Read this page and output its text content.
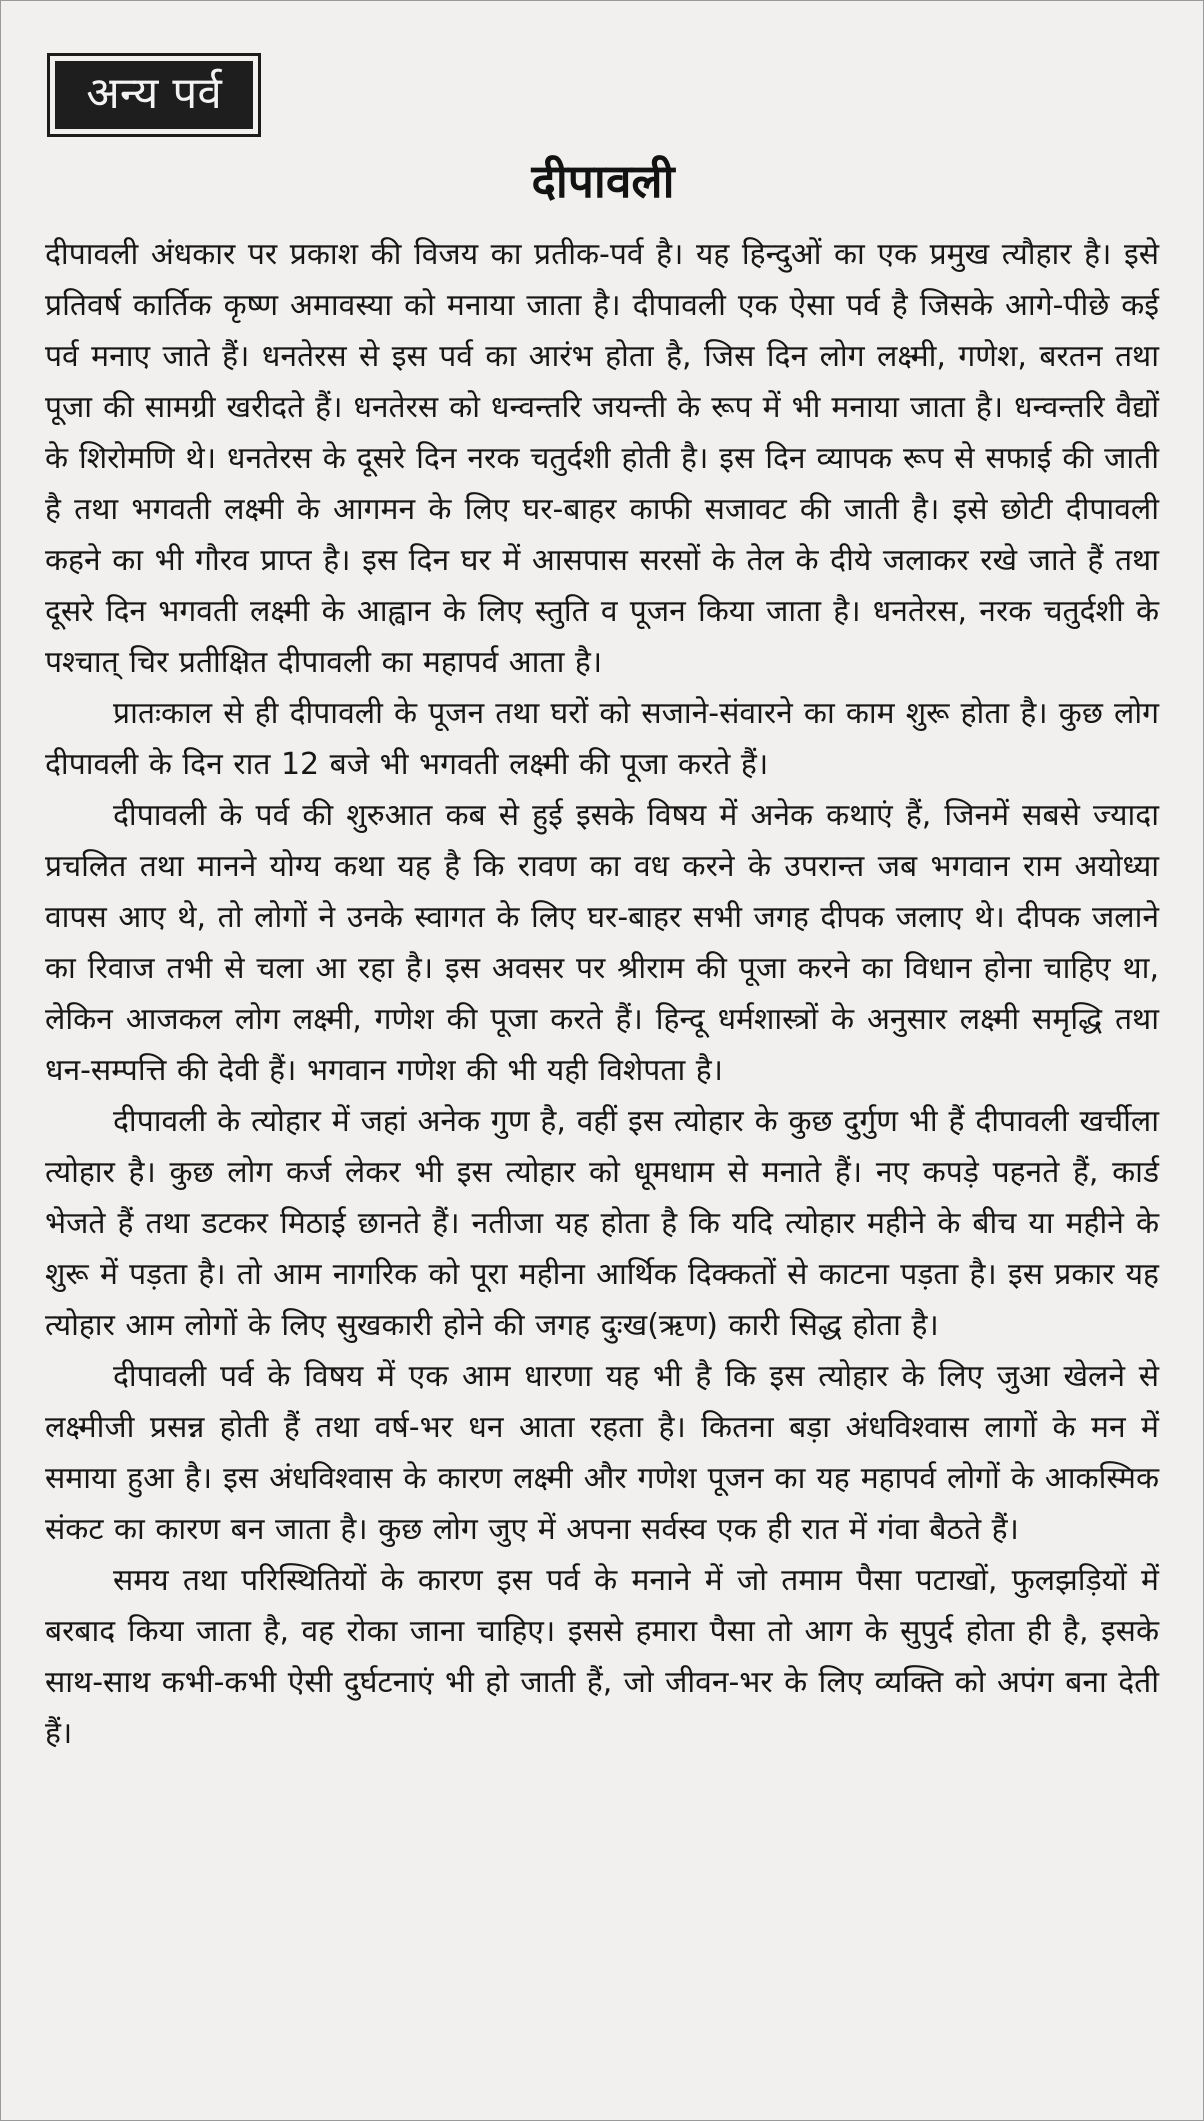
अन्य पर्व
दीपावली

दीपावली अंधकार पर प्रकाश की विजय का प्रतीक-पर्व है। यह हिन्दुओं का एक प्रमुख त्यौहार है। इसे प्रतिवर्ष कार्तिक कृष्ण अमावस्या को मनाया जाता है। दीपावली एक ऐसा पर्व है जिसके आगे-पीछे कई पर्व मनाए जाते हैं। धनतेरस से इस पर्व का आरंभ होता है, जिस दिन लोग लक्ष्मी, गणेश, बरतन तथा पूजा की सामग्री खरीदते हैं। धनतेरस को धन्वन्तरि जयन्ती के रूप में भी मनाया जाता है। धन्वन्तरि वैद्यों के शिरोमणि थे। धनतेरस के दूसरे दिन नरक चतुर्दशी होती है। इस दिन व्यापक रूप से सफाई की जाती है तथा भगवती लक्ष्मी के आगमन के लिए घर-बाहर काफी सजावट की जाती है। इसे छोटी दीपावली कहने का भी गौरव प्राप्त है। इस दिन घर में आसपास सरसों के तेल के दीये जलाकर रखे जाते हैं तथा दूसरे दिन भगवती लक्ष्मी के आह्वान के लिए स्तुति व पूजन किया जाता है। धनतेरस, नरक चतुर्दशी के पश्चात् चिर प्रतीक्षित दीपावली का महापर्व आता है।

प्रातःकाल से ही दीपावली के पूजन तथा घरों को सजाने-संवारने का काम शुरू होता है। कुछ लोग दीपावली के दिन रात 12 बजे भी भगवती लक्ष्मी की पूजा करते हैं।

दीपावली के पर्व की शुरुआत कब से हुई इसके विषय में अनेक कथाएं हैं, जिनमें सबसे ज्यादा प्रचलित तथा मानने योग्य कथा यह है कि रावण का वध करने के उपरान्त जब भगवान राम अयोध्या वापस आए थे, तो लोगों ने उनके स्वागत के लिए घर-बाहर सभी जगह दीपक जलाए थे। दीपक जलाने का रिवाज तभी से चला आ रहा है। इस अवसर पर श्रीराम की पूजा करने का विधान होना चाहिए था, लेकिन आजकल लोग लक्ष्मी, गणेश की पूजा करते हैं। हिन्दू धर्मशास्त्रों के अनुसार लक्ष्मी समृद्धि तथा धन-सम्पत्ति की देवी हैं। भगवान गणेश की भी यही विशेपता है।

दीपावली के त्योहार में जहां अनेक गुण है, वहीं इस त्योहार के कुछ दुर्गुण भी हैं दीपावली खर्चीला त्योहार है। कुछ लोग कर्ज लेकर भी इस त्योहार को धूमधाम से मनाते हैं। नए कपड़े पहनते हैं, कार्ड भेजते हैं तथा डटकर मिठाई छानते हैं। नतीजा यह होता है कि यदि त्योहार महीने के बीच या महीने के शुरू में पड़ता है। तो आम नागरिक को पूरा महीना आर्थिक दिक्कतों से काटना पड़ता है। इस प्रकार यह त्योहार आम लोगों के लिए सुखकारी होने की जगह दुःख(ऋण) कारी सिद्ध होता है।

दीपावली पर्व के विषय में एक आम धारणा यह भी है कि इस त्योहार के लिए जुआ खेलने से लक्ष्मीजी प्रसन्न होती हैं तथा वर्ष-भर धन आता रहता है। कितना बड़ा अंधविश्वास लागों के मन में समाया हुआ है। इस अंधविश्वास के कारण लक्ष्मी और गणेश पूजन का यह महापर्व लोगों के आकस्मिक संकट का कारण बन जाता है। कुछ लोग जुए में अपना सर्वस्व एक ही रात में गंवा बैठते हैं।

समय तथा परिस्थितियों के कारण इस पर्व के मनाने में जो तमाम पैसा पटाखों, फुलझड़ियों में बरबाद किया जाता है, वह रोका जाना चाहिए। इससे हमारा पैसा तो आग के सुपुर्द होता ही है, इसके साथ-साथ कभी-कभी ऐसी दुर्घटनाएं भी हो जाती हैं, जो जीवन-भर के लिए व्यक्ति को अपंग बना देती हैं।
